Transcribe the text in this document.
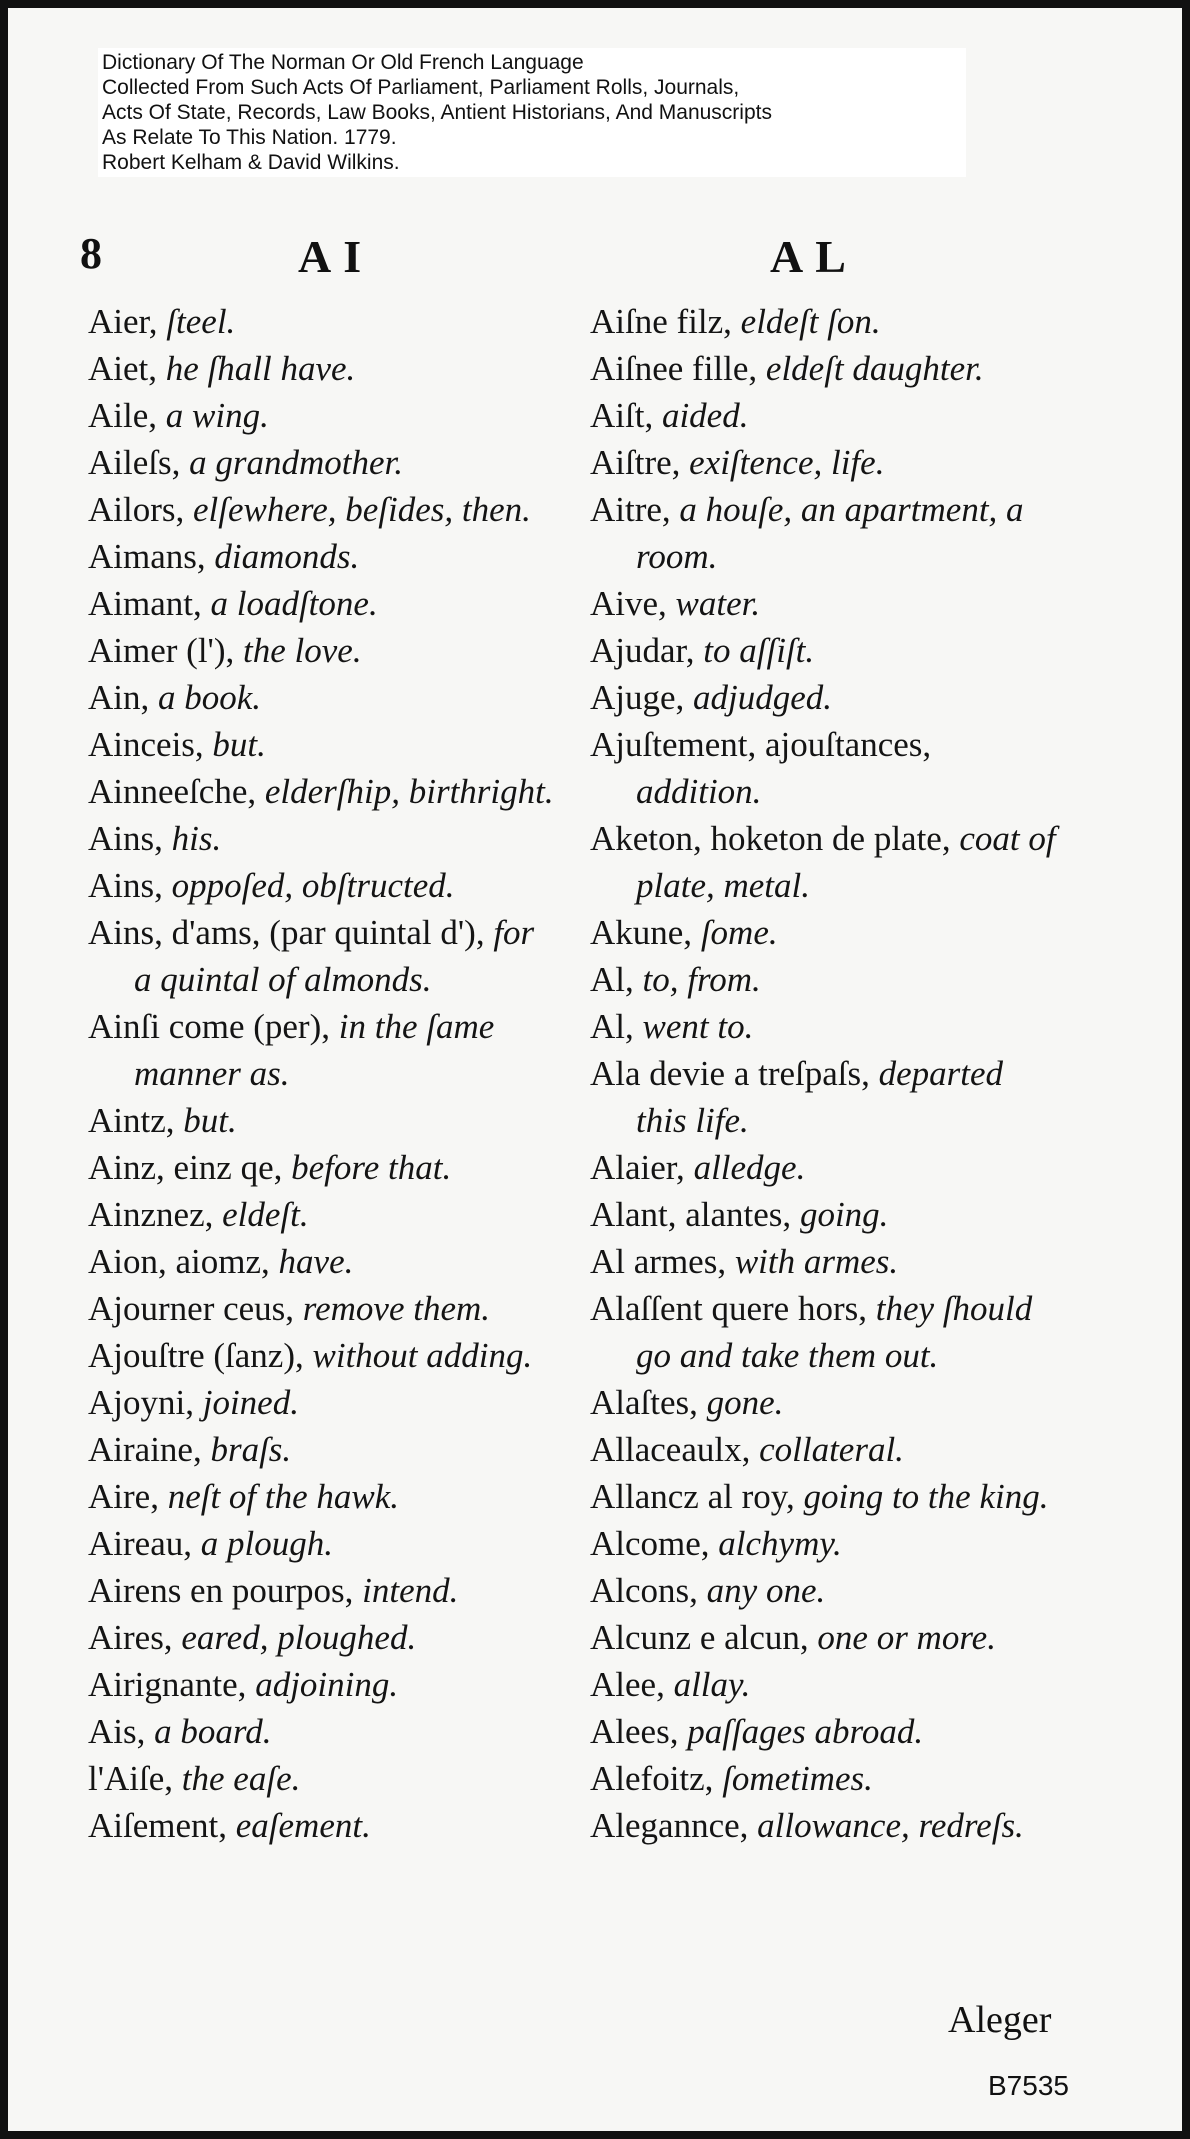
Dictionary Of The Norman Or Old French Language
Collected From Such Acts Of Parliament, Parliament Rolls, Journals,
Acts Of State, Records, Law Books, Antient Historians, And Manuscripts
As Relate To This Nation. 1779.
Robert Kelham & David Wilkins.
8	AI	AL
Aier, ſteel.
Aiet, he ſhall have.
Aile, a wing.
Aileſs, a grandmother.
Ailors, elſewhere, beſides, then.
Aimans, diamonds.
Aimant, a loadſtone.
Aimer (l'), the love.
Ain, a book.
Ainceis, but.
Ainneeſche, elderſhip, birthright.
Ains, his.
Ains, oppoſed, obſtructed.
Ains, d'ams, (par quintal d'), for a quintal of almonds.
Ainſi come (per), in the ſame manner as.
Aintz, but.
Ainz, einz qe, before that.
Ainznez, eldeſt.
Aion, aiomz, have.
Ajourner ceus, remove them.
Ajouſtre (ſanz), without adding.
Ajoyni, joined.
Airaine, braſs.
Aire, neſt of the hawk.
Aireau, a plough.
Airens en pourpos, intend.
Aires, eared, ploughed.
Airignante, adjoining.
Ais, a board.
l'Aiſe, the eaſe.
Aiſement, eaſement.
Aiſne filz, eldeſt ſon.
Aiſnee fille, eldeſt daughter.
Aiſt, aided.
Aiſtre, exiſtence, life.
Aitre, a houſe, an apartment, a room.
Aive, water.
Ajudar, to aſſiſt.
Ajuge, adjudged.
Ajuſtement, ajouſtances, addition.
Aketon, hoketon de plate, coat of plate, metal.
Akune, ſome.
Al, to, from.
Al, went to.
Ala devie a treſpaſs, departed this life.
Alaier, alledge.
Alant, alantes, going.
Al armes, with armes.
Alaſſent quere hors, they ſhould go and take them out.
Alaſtes, gone.
Allaceaulx, collateral.
Allancz al roy, going to the king.
Alcome, alchymy.
Alcons, any one.
Alcunz e alcun, one or more.
Alee, allay.
Alees, paſſages abroad.
Alefoitz, ſometimes.
Alegannce, allowance, redreſs.
Aleger
B7535
